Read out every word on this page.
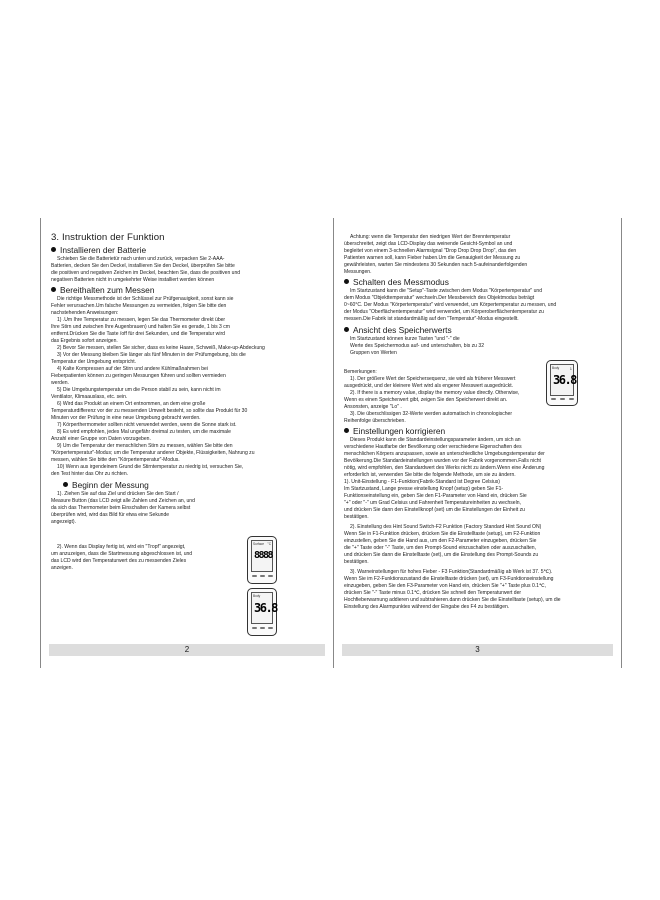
3. Instruktion der Funktion
Installieren der Batterie

Schieben Sie die Batterietür nach unten und zurück, verpacken Sie 2-AAA-

Batterien, decken Sie den Deckel, installieren Sie den Deckel, überprüfen Sie bitte

die positiven und negativen Zeichen im Deckel, beachten Sie, dass die positiven und

negativen Batterien nicht in umgekehrter Weise installiert werden können

Bereithalten zum Messen

Die richtige Messmethode ist der Schlüssel zur Prüfgenauigkeit, sonst kann sie

Fehler verursachen.Um falsche Messungen zu vermeiden, folgen Sie bitte den

nachstehenden Anweisungen:

1) .Um Ihre Temperatur zu messen, legen Sie das Thermometer direkt über

Ihre Stirn und zwischen Ihre Augenbrauen) und halten Sie es gerade, 1 bis 3 cm

entfernt.Drücken Sie die Taste /off für drei Sekunden, und die Temperatur wird

das Ergebnis sofort anzeigen.

2) Bevor Sie messen, stellen Sie sicher, dass es keine Haare, Schweiß, Make-up-Abdeckung

3) Vor der Messung bleiben Sie länger als fünf Minuten in der Prüfumgebung, bis die

Temperatur der Umgebung entspricht.

4) Kalte Kompressen auf der Stirn und andere Kühlmaßnahmen bei

Fieberpatienten können zu geringen Messungen führen und sollten vermieden

werden.

5) Die Umgebungstemperatur um die Person stabil zu sein, kann nicht im

Ventilator, Klimaauslass, etc. sein.

6) Wird das Produkt an einem Ort entnommen, an dem eine große

Temperaturdifferenz vor der zu messenden Umwelt besteht, so sollte das Produkt für 30

Minuten vor der Prüfung in eine neue Umgebung gebracht werden.

7) Körperthermometer sollten nicht verwendet werden, wenn die Sonne stark ist.

8) Es wird empfohlen, jedes Mal ungefähr dreimal zu testen, um die maximale

Anzahl einer Gruppe von Daten vorzugeben.

9) Um die Temperatur der menschlichen Stirn zu messen, wählen Sie bitte den

"Körpertemperatur"-Modus; um die Temperatur anderer Objekte, Flüssigkeiten, Nahrung zu

messen, wählen Sie bitte den "Körpertemperatur"-Modus.

10) Wenn aus irgendeinem Grund die Stirntemperatur zu niedrig ist, versuchen Sie,

den Test hinter das Ohr zu richten.

Beginn der Messung

1). Ziehen Sie auf das Ziel und drücken Sie den Start /

Measure Button (das LCD zeigt alle Zahlen und Zeichen an, und

da sich das Thermometer beim Einschalten der Kamera selbst

überprüfen wird, wird das Bild für etwa eine Sekunde

angezeigt).

2). Wenn das Display fertig ist, wird ein "Tropf" angezeigt,

um anzuzeigen, dass die Startmessung abgeschlossen ist, und

das LCD wird den Temperaturwert des zu messenden Zieles

anzeigen.

Surface °C
8888
Body
36.8
2

Achtung: wenn die Temperatur den niedrigen Wert der Brenntemperatur

überschreitet, zeigt das LCD-Display das weinende Gesicht-Symbol an und

begleitet von einem 3-schnellen Alarmsignal "Drop Drop Drop Drop", das den

Patienten warnen soll, kann Fieber haben.Um die Genauigkeit der Messung zu

gewährleisten, warten Sie mindestens 30 Sekunden nach 5-aufeinanderfolgenden

Messungen.

Schalten des Messmodus

Im Startzustand kann die "Setup"-Taste zwischen dem Modus "Körpertemperatur" und

dem Modus "Objekttemperatur" wechseln.Der Messbereich des Objektmodus beträgt

0~60°C. Der Modus "Körpertemperatur" wird verwendet, um Körpertemperatur zu messen, und

der Modus "Oberflächentemperatur" wird verwendet, um Körperoberflächentemperatur zu

messen.Die Fabrik ist standardmäßig auf den "Temperatur"-Modus eingestellt.

Ansicht des Speicherwerts

Im Startzustand können kurze Tasten "und "-" die

Werte des Speichermodus auf- und unterschalten, bis zu 32

Gruppen von Werten

Bemerkungen:

1). Der größere Wert der Speichersequenz, sie wird als früherer Messwert

ausgedrückt, und der kleinere Wert wird als engerer Messwert ausgedrückt.

2). If there is a memory value, display the memory value directly. Otherwise,

Wenn es einen Speicherwert gibt, zeigen Sie den Speicherwert direkt an.

Ansonsten, anzeige "Lo" .

3). Die überschlissigen 32-Werte werden automatisch in chronologischer

Reihenfolge überschrieben.

Einstellungen korrigieren

Dieses Produkt kann die Standardeinstellungsparameter ändern, um sich an

verschiedene Hautfarbe der Bevölkerung oder verschiedene Eigenschaften des

menschlichen Körpers anzupassen, sowie an unterschiedliche Umgebungstemperatur der

Bevölkerung.Die Standardeinstellungen wurden vor der Fabrik vorgenommen.Falls nicht

nötig, wird empfohlen, den Standardwert des Werks nicht zu ändern.Wenn eine Änderung

erforderlich ist, verwenden Sie bitte die folgende Methode, um sie zu ändern.

1). Unit-Einstellung - F1-Funktion(Fabrik-Standard ist Degree Celsius)

Im Startzustand, Lange presse einstellung Knopf (setup) geben Sie F1-

Funktionseinstellung ein, geben Sie den F1-Parameter von Hand ein, drücken Sie

"+" oder "-" um Grad Celsius und Fahrenheit Temperatureinheiten zu wechseln,

und drücken Sie dann den Einstellknopf (set) um die Einstellungen der Einheit zu

bestätigen.

2). Einstellung des Hint Sound Switch-F2 Funktion (Factory Standard Hint Sound ON)

Wenn Sie in F1-Funktion drücken, drücken Sie die Einstelltaste (setup), um F2-Funktion

einzustellen, geben Sie die Hand aus, um den F2-Parameter einzugeben, drücken Sie

die "+" Taste oder "-" Taste, um den Prompt-Sound einzuschalten oder auszuschalten,

und drücken Sie dann die Einstelltaste (set), um die Einstellung des Prompt-Sounds zu

bestätigen.

3). Warneinstellungen für hohes Fieber - F3 Funktion(Standardmäßig ab Werk ist 37. 5℃).

Wenn Sie im F2-Funktionszustand die Einstelltaste drücken (set), um F3-Funktionseinstellung

einzugeben, geben Sie den F3-Parameter von Hand ein, drücken Sie "+" Taste plus 0.1℃,

drücken Sie "-" Taste minus 0.1℃, drücken Sie schnell den Temperaturwert der

Hochfieberwarnung addieren und subtrahieren.dann drücken Sie die Einstelltaste (setup), um die

Einstellung des Alarmpunktes während der Eingabe des F4 zu bestätigen.

Body	1
36.8
3
